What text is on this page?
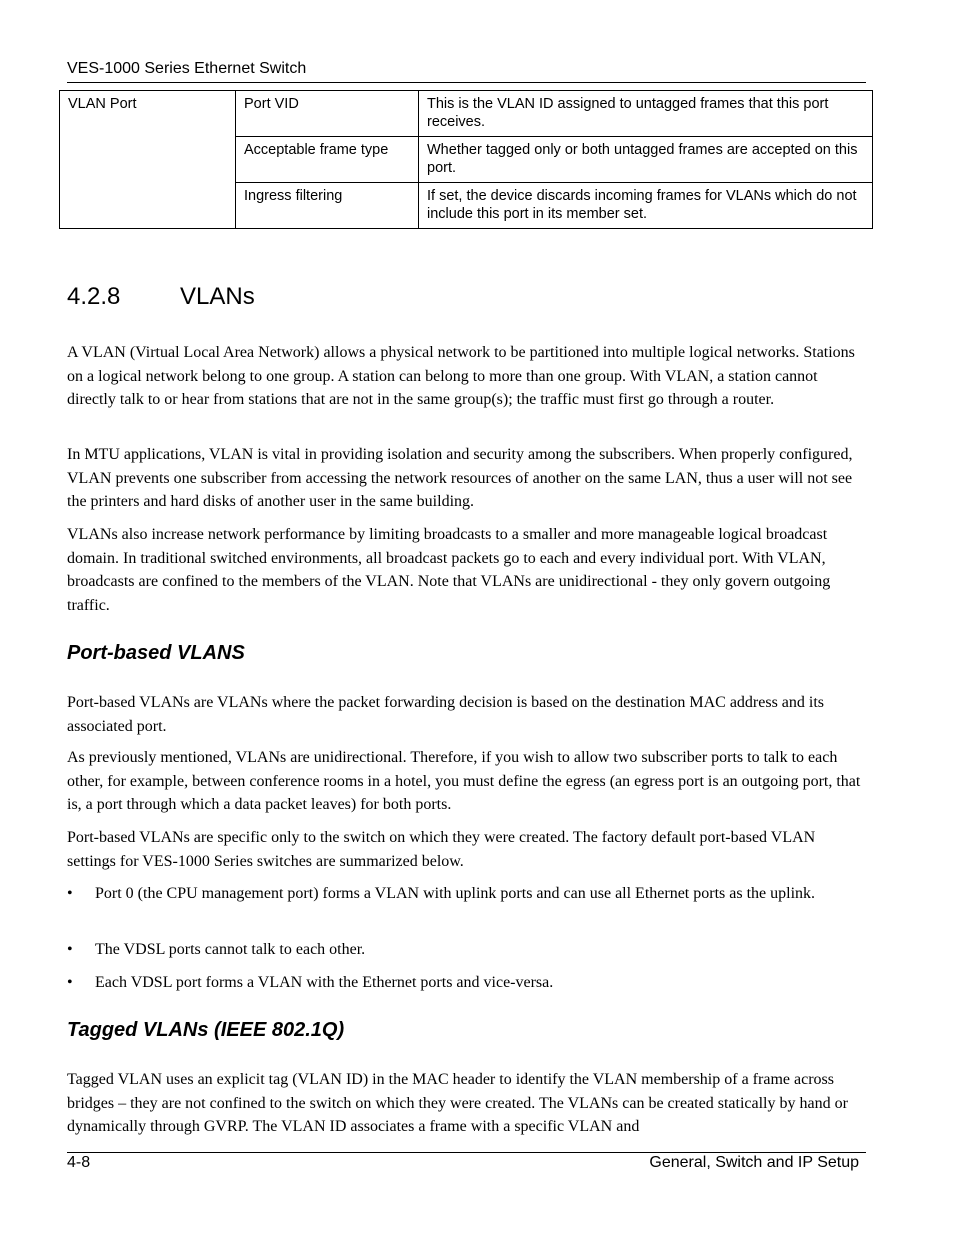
VES-1000 Series Ethernet Switch
VLAN Port	Port VID	This is the VLAN ID assigned to untagged frames that this port receives.
	Acceptable frame type	Whether tagged only or both untagged frames are accepted on this port.
	Ingress filtering	If set, the device discards incoming frames for VLANs which do not include this port in its member set.
4.2.8 VLANs

A VLAN (Virtual Local Area Network) allows a physical network to be partitioned into multiple logical networks. Stations on a logical network belong to one group. A station can belong to more than one group. With VLAN, a station cannot directly talk to or hear from stations that are not in the same group(s); the traffic must first go through a router.

In MTU applications, VLAN is vital in providing isolation and security among the subscribers. When properly configured, VLAN prevents one subscriber from accessing the network resources of another on the same LAN, thus a user will not see the printers and hard disks of another user in the same building.

VLANs also increase network performance by limiting broadcasts to a smaller and more manageable logical broadcast domain. In traditional switched environments, all broadcast packets go to each and every individual port. With VLAN, broadcasts are confined to the members of the VLAN. Note that VLANs are unidirectional - they only govern outgoing traffic.

Port-based VLANS

Port-based VLANs are VLANs where the packet forwarding decision is based on the destination MAC address and its associated port.

As previously mentioned, VLANs are unidirectional. Therefore, if you wish to allow two subscriber ports to talk to each other, for example, between conference rooms in a hotel, you must define the egress (an egress port is an outgoing port, that is, a port through which a data packet leaves) for both ports.

Port-based VLANs are specific only to the switch on which they were created. The factory default port-based VLAN settings for VES-1000 Series switches are summarized below.

•	Port 0 (the CPU management port) forms a VLAN with uplink ports and can use all Ethernet ports as the uplink.
•	The VDSL ports cannot talk to each other.
•	Each VDSL port forms a VLAN with the Ethernet ports and vice-versa.
Tagged VLANs (IEEE 802.1Q)

Tagged VLAN uses an explicit tag (VLAN ID) in the MAC header to identify the VLAN membership of a frame across bridges – they are not confined to the switch on which they were created. The VLANs can be created statically by hand or dynamically through GVRP. The VLAN ID associates a frame with a specific VLAN and

4-8	General, Switch and IP Setup
